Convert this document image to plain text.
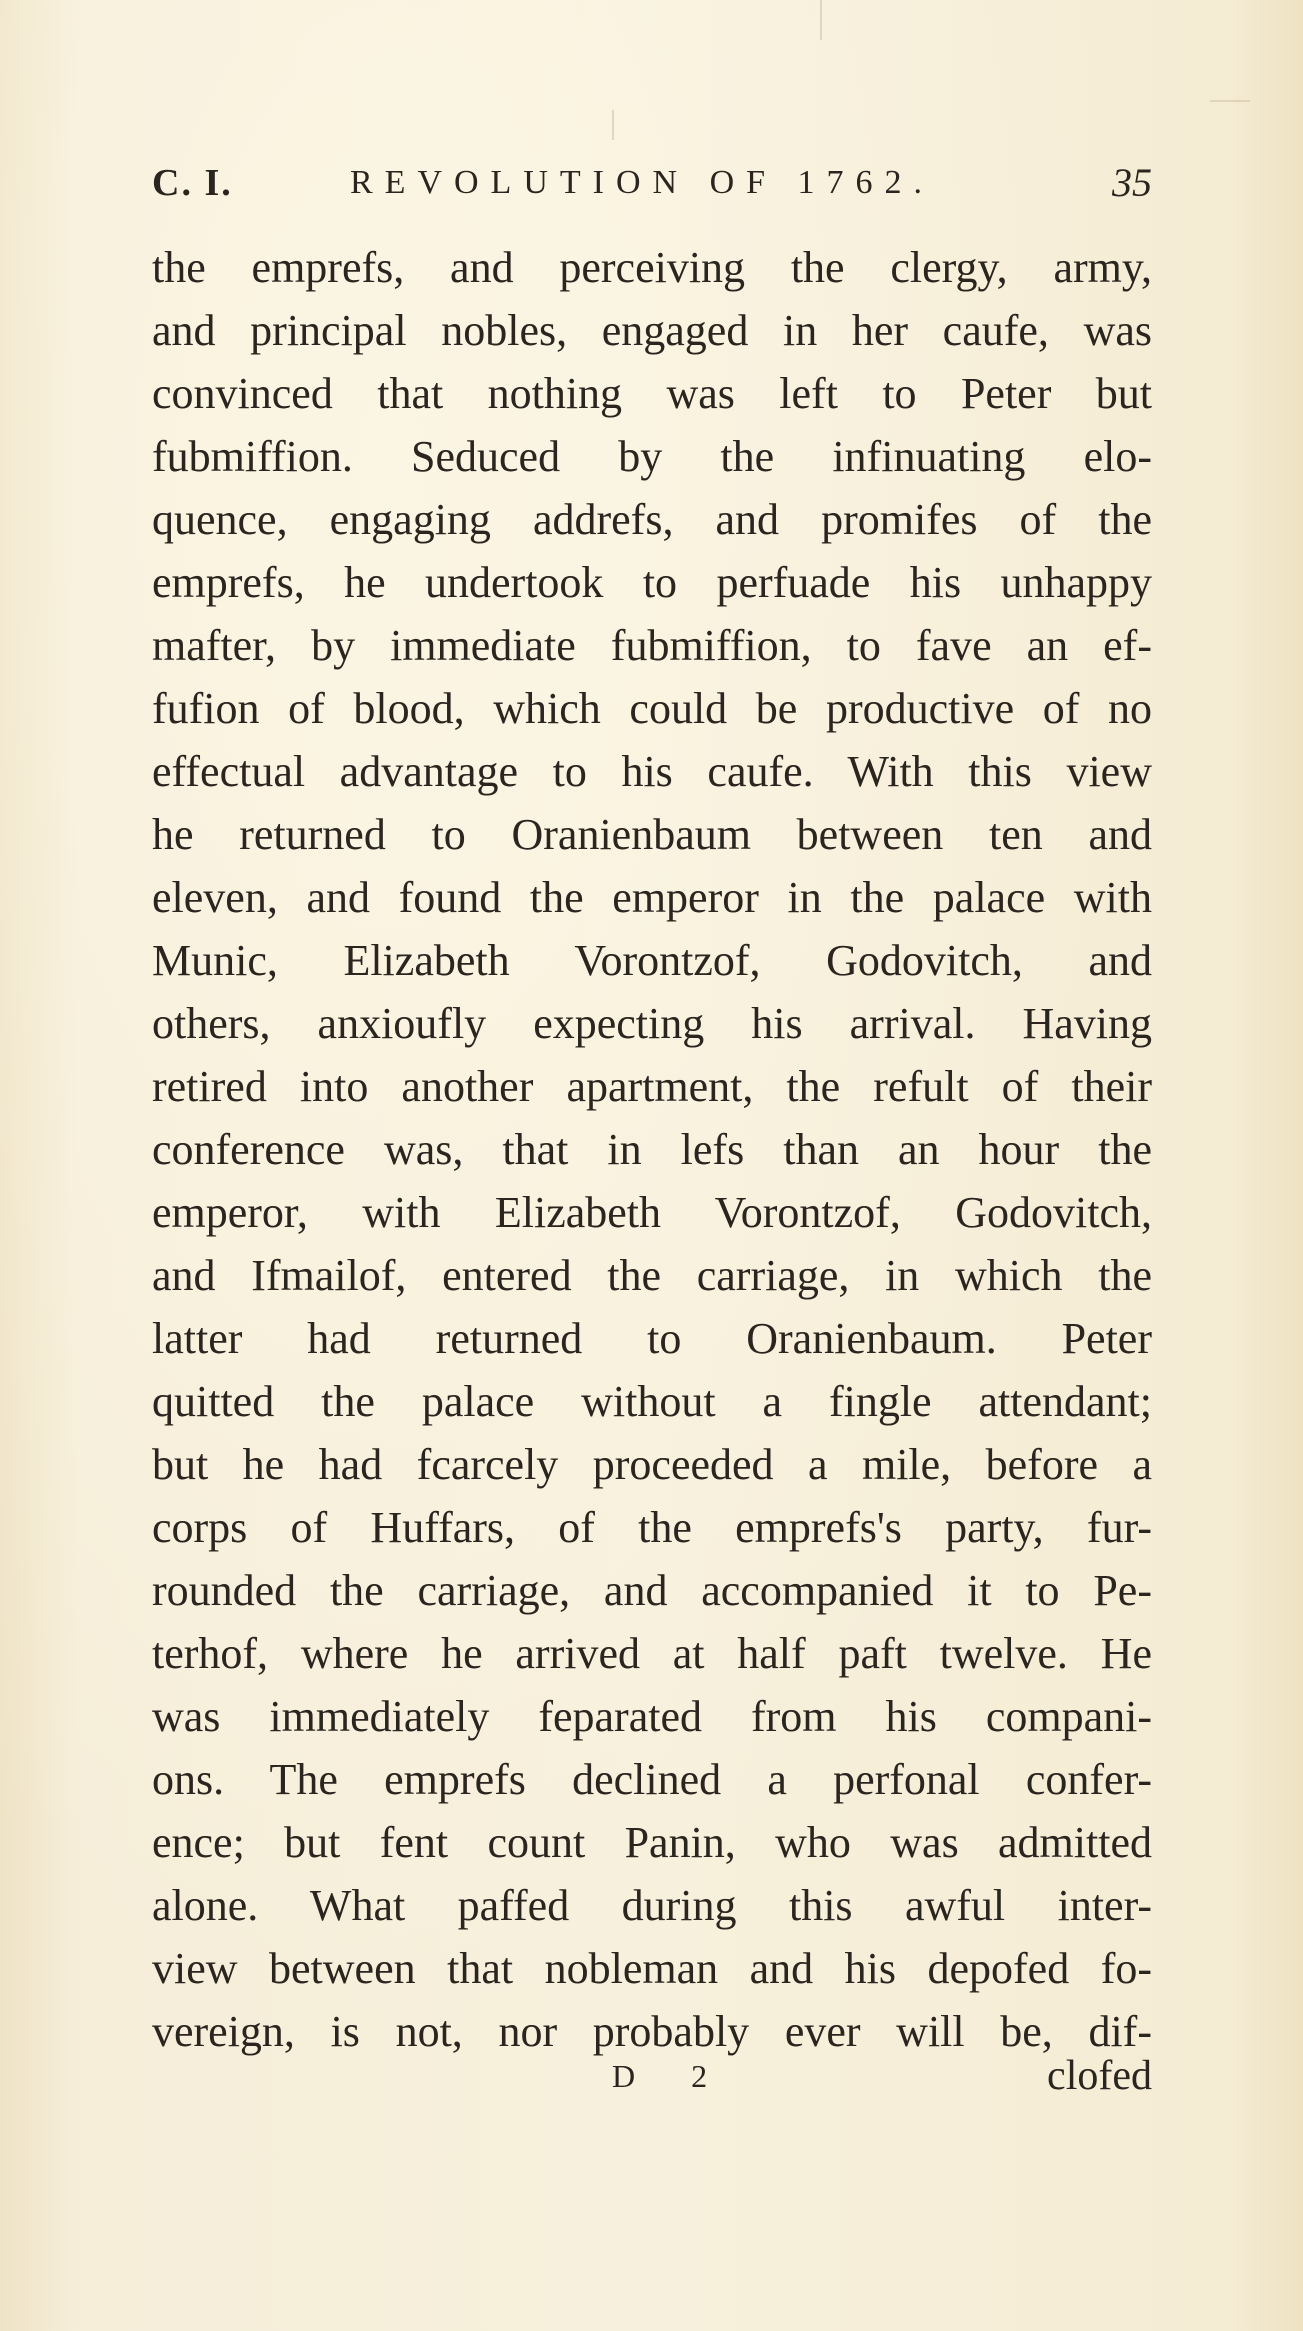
C. I.	REVOLUTION OF 1762.	35
the emprefs, and perceiving the clergy, army,
and principal nobles, engaged in her caufe, was
convinced that nothing was left to Peter but
fubmiffion. Seduced by the infinuating elo-
quence, engaging addrefs, and promifes of the
emprefs, he undertook to perfuade his unhappy
mafter, by immediate fubmiffion, to fave an ef-
fufion of blood, which could be productive of no
effectual advantage to his caufe. With this view
he returned to Oranienbaum between ten and
eleven, and found the emperor in the palace with
Munic, Elizabeth Vorontzof, Godovitch, and
others, anxioufly expecting his arrival. Having
retired into another apartment, the refult of their
conference was, that in lefs than an hour the
emperor, with Elizabeth Vorontzof, Godovitch,
and Ifmailof, entered the carriage, in which the
latter had returned to Oranienbaum. Peter
quitted the palace without a fingle attendant;
but he had fcarcely proceeded a mile, before a
corps of Huffars, of the emprefs's party, fur-
rounded the carriage, and accompanied it to Pe-
terhof, where he arrived at half paft twelve. He
was immediately feparated from his compani-
ons. The emprefs declined a perfonal confer-
ence; but fent count Panin, who was admitted
alone. What paffed during this awful inter-
view between that nobleman and his depofed fo-
vereign, is not, nor probably ever will be, dif-
D 2	clofed
